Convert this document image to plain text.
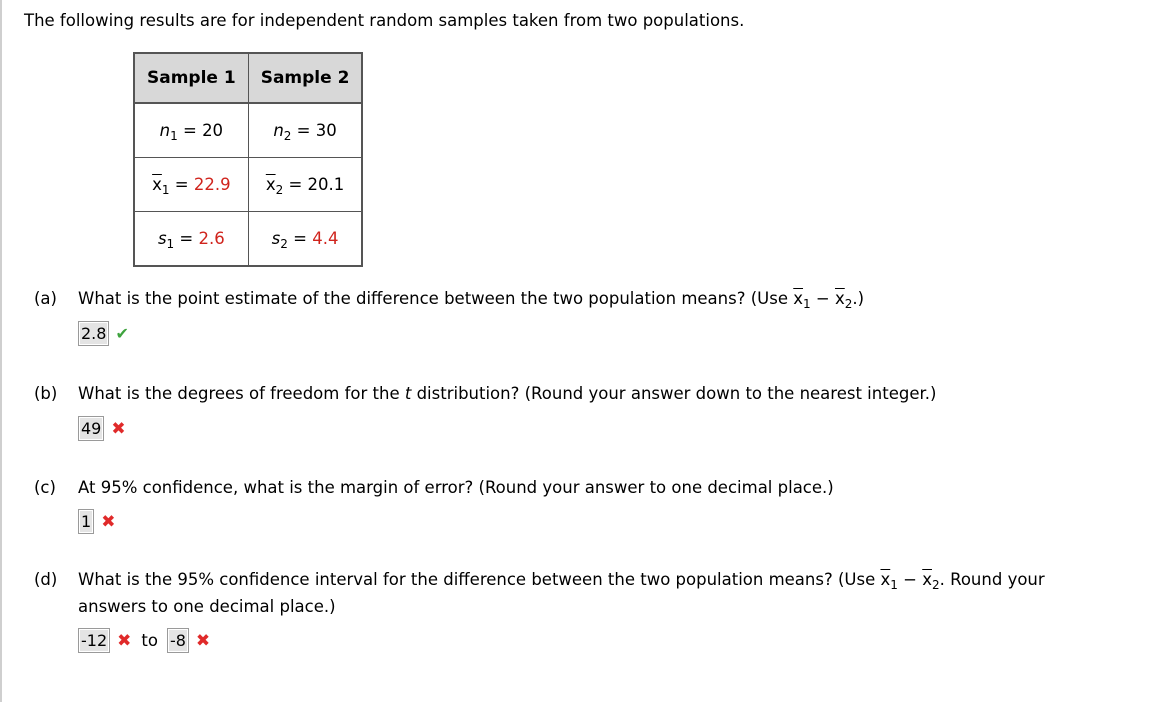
The following results are for independent random samples taken from two populations.
Sample 1	Sample 2
$n_1 = 20$	$n_2 = 30$
$\overline{x}_1 = 22.9$	$\overline{x}_2 = 20.1$
$s_1 = 2.6$	$s_2 = 4.4$
(a) What is the point estimate of the difference between the two population means? (Use $\overline{x}_1 - \overline{x}_2$.)
2.8 ✔
(b) What is the degrees of freedom for the t distribution? (Round your answer down to the nearest integer.)
49 ✖
(c) At 95% confidence, what is the margin of error? (Round your answer to one decimal place.)
1 ✖
(d) What is the 95% confidence interval for the difference between the two population means? (Use $\overline{x}_1 - \overline{x}_2$. Round your
answers to one decimal place.)
-12 ✖ to -8 ✖
